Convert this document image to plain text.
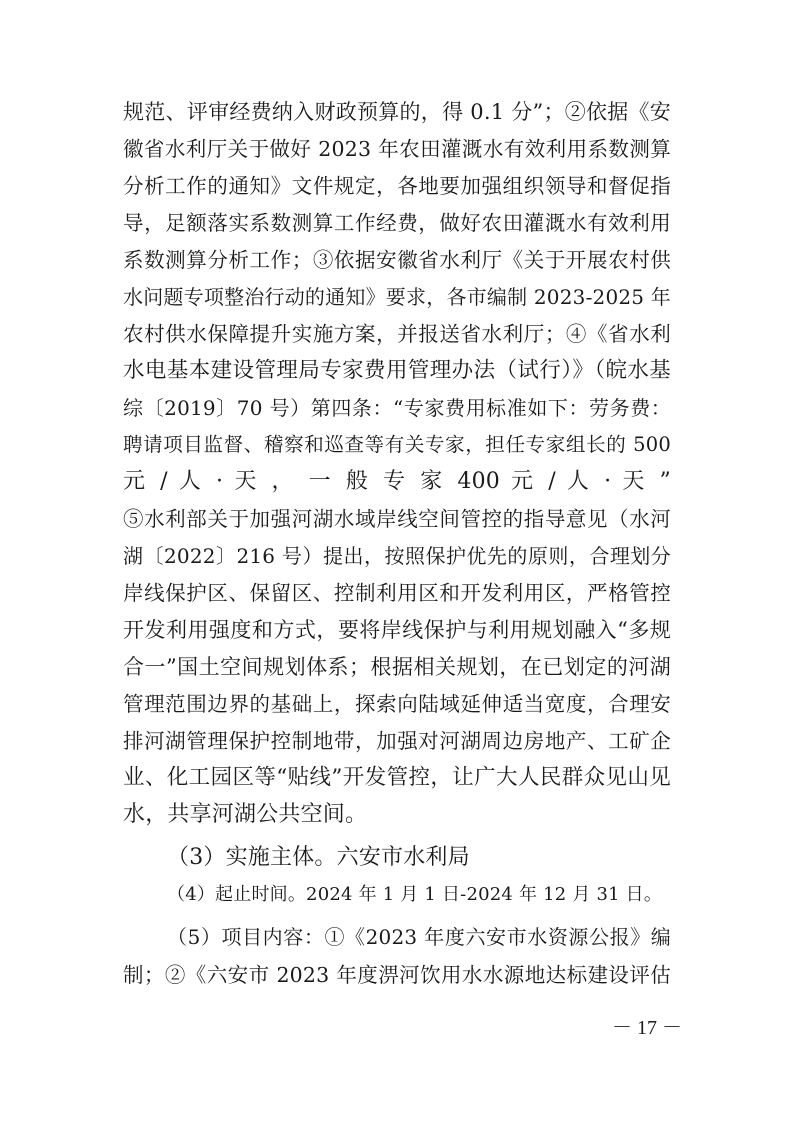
规范、评审经费纳入财政预算的，得 0.1 分”；②依据《安
徽省水利厅关于做好 2023 年农田灌溉水有效利用系数测算
分析工作的通知》文件规定，各地要加强组织领导和督促指
导，足额落实系数测算工作经费，做好农田灌溉水有效利用
系数测算分析工作；③依据安徽省水利厅《关于开展农村供
水问题专项整治行动的通知》要求，各市编制 2023-2025 年
农村供水保障提升实施方案，并报送省水利厅；④《省水利
水电基本建设管理局专家费用管理办法（试行）》（皖水基
综〔2019〕70 号）第四条：“专家费用标准如下：劳务费：
聘请项目监督、稽察和巡查等有关专家，担任专家组长的 500
元 / 人 · 天 ， 一 般 专 家 400 元 / 人 · 天 ”
⑤水利部关于加强河湖水域岸线空间管控的指导意见（水河
湖〔2022〕216 号）提出，按照保护优先的原则，合理划分
岸线保护区、保留区、控制利用区和开发利用区，严格管控
开发利用强度和方式，要将岸线保护与利用规划融入“多规
合一”国土空间规划体系；根据相关规划，在已划定的河湖
管理范围边界的基础上，探索向陆域延伸适当宽度，合理安
排河湖管理保护控制地带，加强对河湖周边房地产、工矿企
业、化工园区等“贴线”开发管控，让广大人民群众见山见
水，共享河湖公共空间。
（3）实施主体。六安市水利局
（4）起止时间。2024 年 1 月 1 日-2024 年 12 月 31 日。
（5）项目内容：①《2023 年度六安市水资源公报》编
制；②《六安市 2023 年度淠河饮用水水源地达标建设评估
－ 17 －
